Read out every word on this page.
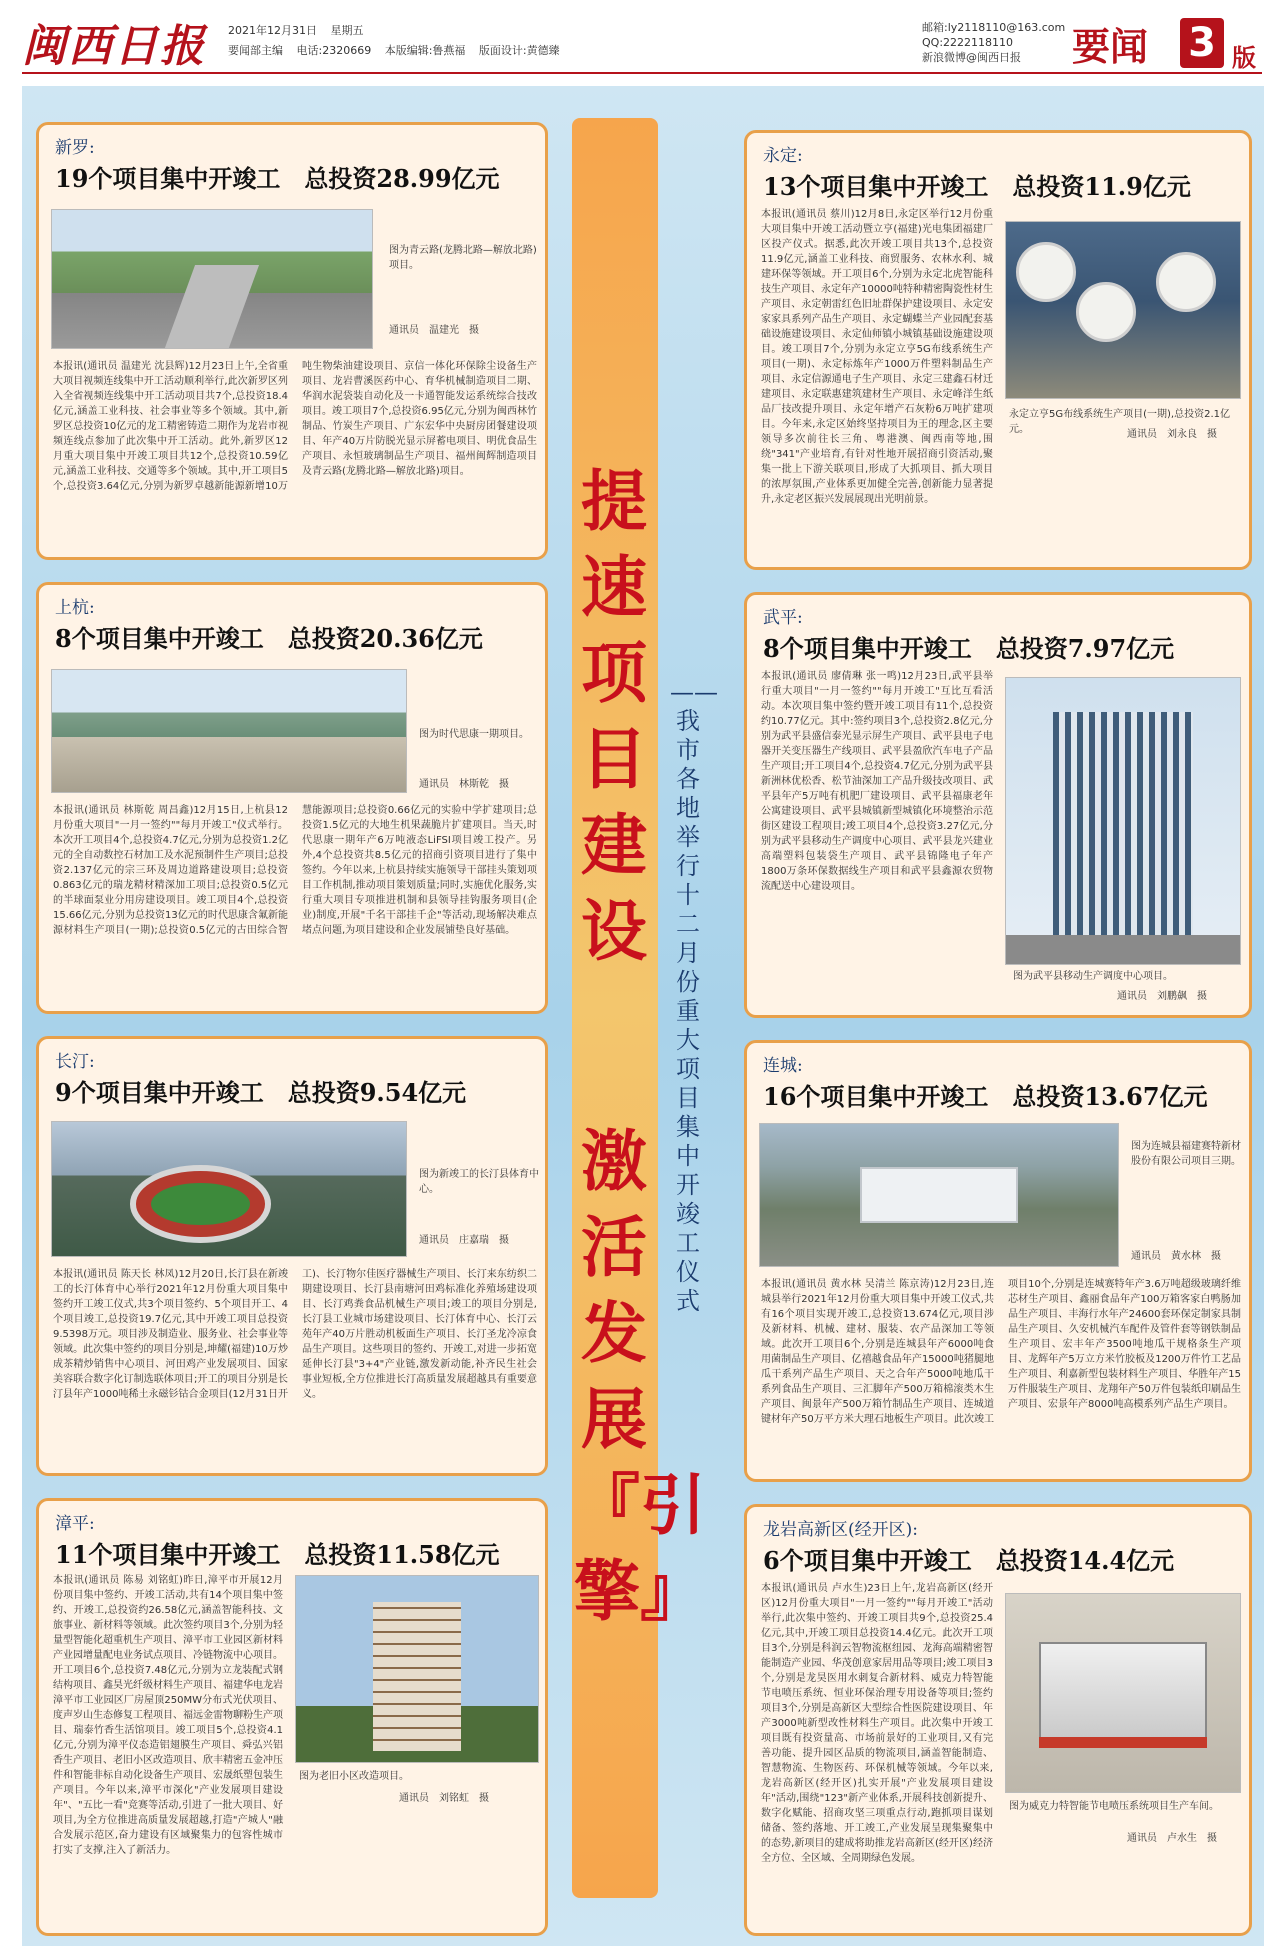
闽西日报 2021年12月31日 星期五
要闻部主编 电话:2320669 本版编辑:鲁燕福 版面设计:黄德臻
邮箱:ly2118110@163.com
QQ:2222118110
新浪微博@闽西日报	要闻 3 版
提速项目建设
激活发展『引擎』
——我市各地举行十二月份重大项目集中开竣工仪式
新罗:
19个项目集中开竣工　总投资28.99亿元
图为青云路(龙腾北路—解放北路)项目。
通讯员　温建光　摄
本报讯(通讯员 温建光 沈县辉)12月23日上午,全省重大项目视频连线集中开工活动顺利举行,此次新罗区列入全省视频连线集中开工活动项目共7个,总投资18.4亿元,涵盖工业科技、社会事业等多个领域。其中,新罗区总投资10亿元的龙工精密铸造二期作为龙岩市视频连线点参加了此次集中开工活动。此外,新罗区12月重大项目集中开竣工项目共12个,总投资10.59亿元,涵盖工业科技、交通等多个领域。其中,开工项目5个,总投资3.64亿元,分别为新罗卓越新能源新增10万吨生物柴油建设项目、京信一体化环保除尘设备生产项目、龙岩曹溪医药中心、育华机械制造项目二期、华润水泥袋装自动化及一卡通智能发运系统综合技改项目。竣工项目7个,总投资6.95亿元,分别为闽西林竹制品、竹炭生产项目、广东宏华中央厨房团餐建设项目、年产40万片防脱光显示屏蓄电项目、明优食品生产项目、永恒玻璃制品生产项目、福州闽辉制造项目及青云路(龙腾北路—解放北路)项目。
上杭:
8个项目集中开竣工　总投资20.36亿元
图为时代思康一期项目。
通讯员　林斯乾　摄
本报讯(通讯员 林斯乾 周昌鑫)12月15日,上杭县12月份重大项目"一月一签约""每月开竣工"仪式举行。本次开工项目4个,总投资4.7亿元,分别为总投资1.2亿元的全自动数控石材加工及水泥预制件生产项目;总投资2.137亿元的宗三环及周边道路建设项目;总投资0.863亿元的瑞龙精材精深加工项目;总投资0.5亿元的半球面泵业分用房建设项目。竣工项目4个,总投资15.66亿元,分别为总投资13亿元的时代思康含氟新能源材料生产项目(一期);总投资0.5亿元的古田综合智慧能源项目;总投资0.66亿元的实验中学扩建项目;总投资1.5亿元的大地生机果蔬脆片扩建项目。当天,时代思康一期年产6万吨液态LiFSI项目竣工投产。另外,4个总投资共8.5亿元的招商引资项目进行了集中签约。今年以来,上杭县持续实施领导干部挂头策划项目工作机制,推动项目策划质量;同时,实施优化服务,实行重大项目专项推进机制和县领导挂钩服务项目(企业)制度,开展"千名干部挂千企"等活动,现场解决难点堵点问题,为项目建设和企业发展铺垫良好基础。
长汀:
9个项目集中开竣工　总投资9.54亿元
图为新竣工的长汀县体育中心。
通讯员　庄嘉瑞　摄
本报讯(通讯员 陈天长 林凤)12月20日,长汀县在新竣工的长汀体育中心举行2021年12月份重大项目集中签约开工竣工仪式,共3个项目签约、5个项目开工、4个项目竣工,总投资19.7亿元,其中开竣工项目总投资9.5398万元。项目涉及制造业、服务业、社会事业等领域。此次集中签约的项目分别是,坤耀(福建)10万炒成茶精炒销售中心项目、河田鸡产业发展项目、国家美容联合数字化订制选联体项目;开工的项目分别是长汀县年产1000吨稀土永磁钐钴合金项目(12月31日开工)、长汀物尔佳医疗器械生产项目、长汀来东纺织二期建设项目、长汀县南塘河田鸡标准化养殖场建设项目、长汀鸡粪食品机械生产项目;竣工的项目分别是,长汀县工业城市场建设项目、长汀体育中心、长汀云苑年产40万片胜动机板面生产项目、长汀圣龙冷凉食品生产项目。这些项目的签约、开竣工,对进一步拓宽延伸长汀县"3+4"产业链,激发新动能,补齐民生社会事业短板,全方位推进长汀高质量发展超越具有重要意义。
漳平:
11个项目集中开竣工　总投资11.58亿元
本报讯(通讯员 陈易 刘铭虹)昨日,漳平市开展12月份项目集中签约、开竣工活动,共有14个项目集中签约、开竣工,总投资约26.58亿元,涵盖智能科技、文旅事业、新材料等领域。此次签约项目3个,分别为轻量型智能化超重机生产项目、漳平市工业园区新材料产业园增量配电业务试点项目、冷链物流中心项目。开工项目6个,总投资7.48亿元,分别为立龙装配式钢结构项目、鑫昊光纤级材料生产项目、福建华电龙岩漳平市工业园区厂房屋顶250MW分布式光伏项目、度声岁山生态修复工程项目、福远金雷物聊粉生产项目、瑞泰竹香生活馆项目。竣工项目5个,总投资4.1亿元,分别为漳平仪态造铝翅膜生产项目、舜弘兴铝香生产项目、老旧小区改造项目、欣丰精密五金冲压件和智能非标自动化设备生产项目、宏晟纸塑包装生产项目。今年以来,漳平市深化"产业发展项目建设年"、"五比一看"竞赛等活动,引进了一批大项目、好项目,为全方位推进高质量发展超越,打造"产城人"融合发展示范区,奋力建设有区域聚集力的包容性城市打实了支撑,注入了新活力。
图为老旧小区改造项目。
通讯员　刘铭虹　摄
永定:
13个项目集中开竣工　总投资11.9亿元
本报讯(通讯员 蔡川)12月8日,永定区举行12月份重大项目集中开竣工活动暨立亨(福建)光电集团福建厂区投产仪式。据悉,此次开竣工项目共13个,总投资11.9亿元,涵盖工业科技、商贸服务、农林水利、城建环保等领域。开工项目6个,分别为永定北虎智能科技生产项目、永定年产10000吨特种精密陶瓷性材生产项目、永定朝雷红色旧址群保护建设项目、永定安家家具系列产品生产项目、永定蝴蝶兰产业园配套基础设施建设项目、永定仙师镇小城镇基础设施建设项目。竣工项目7个,分别为永定立亨5G布线系统生产项目(一期)、永定标炼年产1000万件塑料制品生产项目、永定信源通电子生产项目、永定三建鑫石材迁建项目、永定联惠建筑建材生产项目、永定峰洋生纸品厂技改提升项目、永定年增产石灰粉6万吨扩建项目。今年来,永定区始终坚持项目为王的理念,区主要领导多次前往长三角、粤港澳、闽西南等地,围绕"341"产业培育,有针对性地开展招商引资活动,聚集一批上下游关联项目,形成了大抓项目、抓大项目的浓厚氛围,产业体系更加健全完善,创新能力显著提升,永定老区振兴发展展现出光明前景。
永定立亨5G布线系统生产项目(一期),总投资2.1亿元。	通讯员　刘永良　摄
武平:
8个项目集中开竣工　总投资7.97亿元
本报讯(通讯员 廖倩琳 张一鸣)12月23日,武平县举行重大项目"一月一签约""每月开竣工"互比互看活动。本次项目集中签约暨开竣工项目有11个,总投资约10.77亿元。其中:签约项目3个,总投资2.8亿元,分别为武平县盛信泰光显示屏生产项目、武平县电子电器开关变压器生产线项目、武平县盈欣汽车电子产品生产项目;开工项目4个,总投资4.7亿元,分别为武平县新洲林优松香、松节油深加工产品升级技改项目、武平县年产5万吨有机肥厂建设项目、武平县福康老年公寓建设项目、武平县城镇新型城镇化环境整治示范街区建设工程项目;竣工项目4个,总投资3.27亿元,分别为武平县移动生产调度中心项目、武平县龙兴建业高端塑料包装袋生产项目、武平县锦隆电子年产1800万条环保数据线生产项目和武平县鑫源农贸物流配送中心建设项目。
图为武平县移动生产调度中心项目。
通讯员　刘鹏飙　摄
连城:
16个项目集中开竣工　总投资13.67亿元
图为连城县福建赛特新材股份有限公司项目三期。
通讯员　黄水林　摄
本报讯(通讯员 黄水林 吴清兰 陈京涛)12月23日,连城县举行2021年12月份重大项目集中开竣工仪式,共有16个项目实现开竣工,总投资13.674亿元,项目涉及新材料、机械、建材、服装、农产品深加工等领域。此次开工项目6个,分别是连城县年产6000吨食用菌制品生产项目、亿禧越食品年产15000吨猪腿地瓜干系列产品生产项目、天之合年产5000吨地瓜干系列食品生产项目、三汇脚年产500万箱棉滚类木生产项目、闽景年产500万箱竹制品生产项目、连城道键材年产50万平方米大理石地板生产项目。此次竣工项目10个,分别是连城赛特年产3.6万吨超级玻璃纤维芯材生产项目、鑫丽食品年产100万箱客家白鸭肠加品生产项目、丰海行水年产24600套环保定制家具制品生产项目、久安机械汽车配件及管件套等钢铁制品生产项目、宏丰年产3500吨地瓜干规格条生产项目、龙辉年产5万立方米竹胶板及1200万件竹工艺品生产项目、利嘉新型包装材料生产项目、华胜年产15万件服装生产项目、龙翔年产50万件包装纸印刷品生产项目、宏景年产8000吨高模系列产品生产项目。
龙岩高新区(经开区):
6个项目集中开竣工　总投资14.4亿元
本报讯(通讯员 卢水生)23日上午,龙岩高新区(经开区)12月份重大项目"一月一签约""每月开竣工"活动举行,此次集中签约、开竣工项目共9个,总投资25.4亿元,其中,开竣工项目总投资14.4亿元。此次开工项目3个,分别是科润云智物流枢纽园、龙海高端精密智能制造产业园、华茂创意家居用品等项目;竣工项目3个,分别是龙昊医用水刺复合新材料、威克力特智能节电喷压系统、恒业环保治理专用设备等项目;签约项目3个,分别是高新区大型综合性医院建设项目、年产3000吨新型改性材料生产项目。此次集中开竣工项目既有投资量高、市场前景好的工业项目,又有完善功能、提升园区品质的物流项目,涵盖智能制造、智慧物流、生物医药、环保机械等领域。今年以来,龙岩高新区(经开区)扎实开展"产业发展项目建设年"活动,围绕"123"新产业体系,开展科技创新提升、数字化赋能、招商攻坚三项重点行动,跑抓项目谋划储备、签约落地、开工竣工,产业发展呈现集聚集中的态势,新项目的建成将助推龙岩高新区(经开区)经济全方位、全区域、全周期绿色发展。
图为威克力特智能节电喷压系统项目生产车间。
通讯员　卢水生　摄
